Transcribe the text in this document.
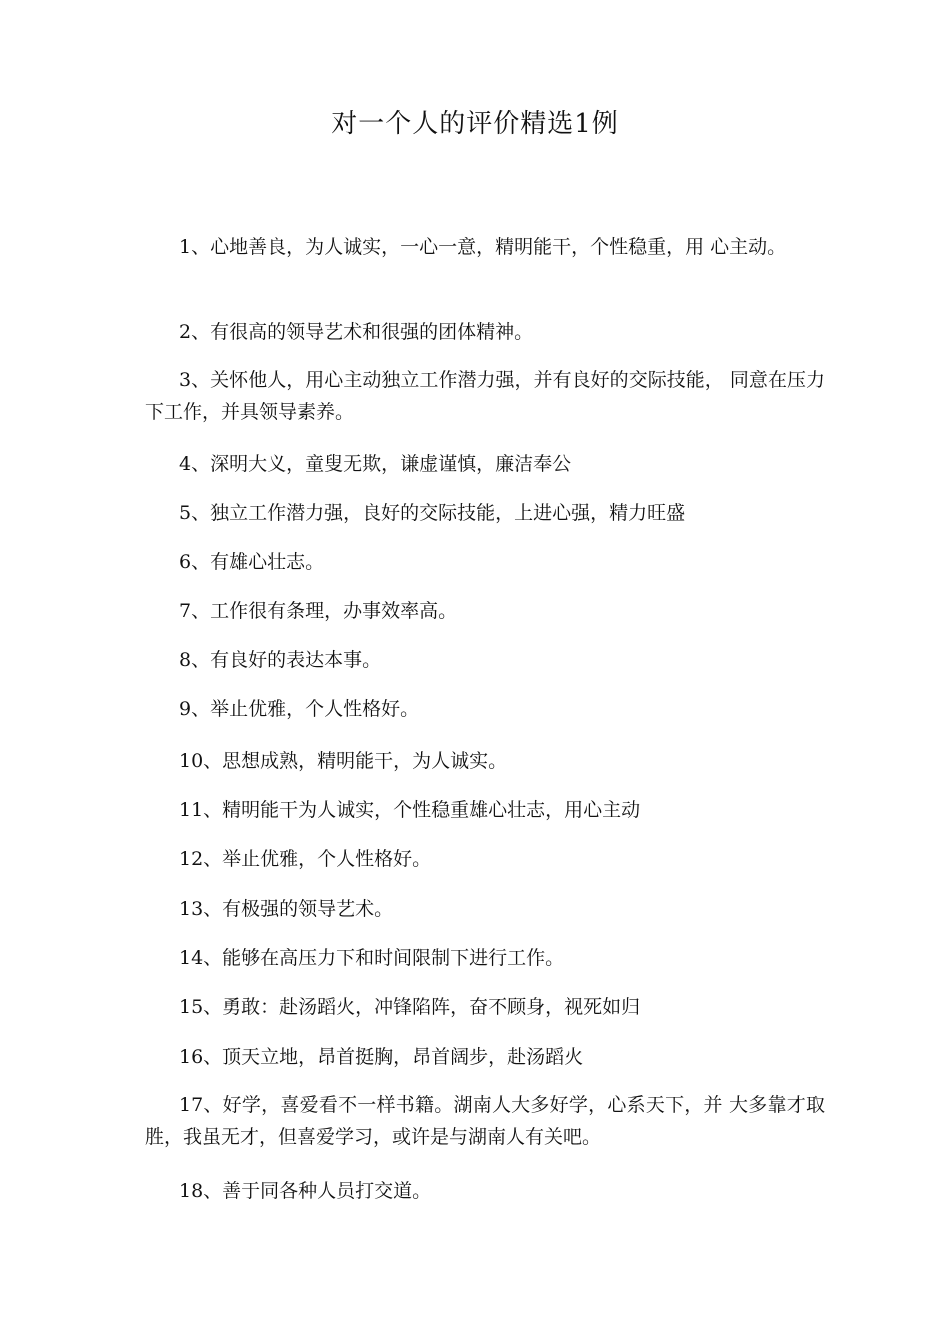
对一个人的评价精选1例

1、心地善良，为人诚实，一心一意，精明能干，个性稳重，用 心主动。

2、有很高的领导艺术和很强的团体精神。

3、关怀他人，用心主动独立工作潜力强，并有良好的交际技能， 同意在压力下工作，并具领导素养。

4、深明大义，童叟无欺，谦虚谨慎，廉洁奉公

5、独立工作潜力强，良好的交际技能，上进心强，精力旺盛

6、有雄心壮志。

7、工作很有条理，办事效率高。

8、有良好的表达本事。

9、举止优雅，个人性格好。

10、思想成熟，精明能干，为人诚实。

11、精明能干为人诚实，个性稳重雄心壮志，用心主动

12、举止优雅，个人性格好。

13、有极强的领导艺术。

14、能够在高压力下和时间限制下进行工作。

15、勇敢：赴汤蹈火，冲锋陷阵，奋不顾身，视死如归

16、顶天立地，昂首挺胸，昂首阔步，赴汤蹈火

17、好学，喜爱看不一样书籍。湖南人大多好学，心系天下，并 大多靠才取胜，我虽无才，但喜爱学习，或许是与湖南人有关吧。

18、善于同各种人员打交道。
